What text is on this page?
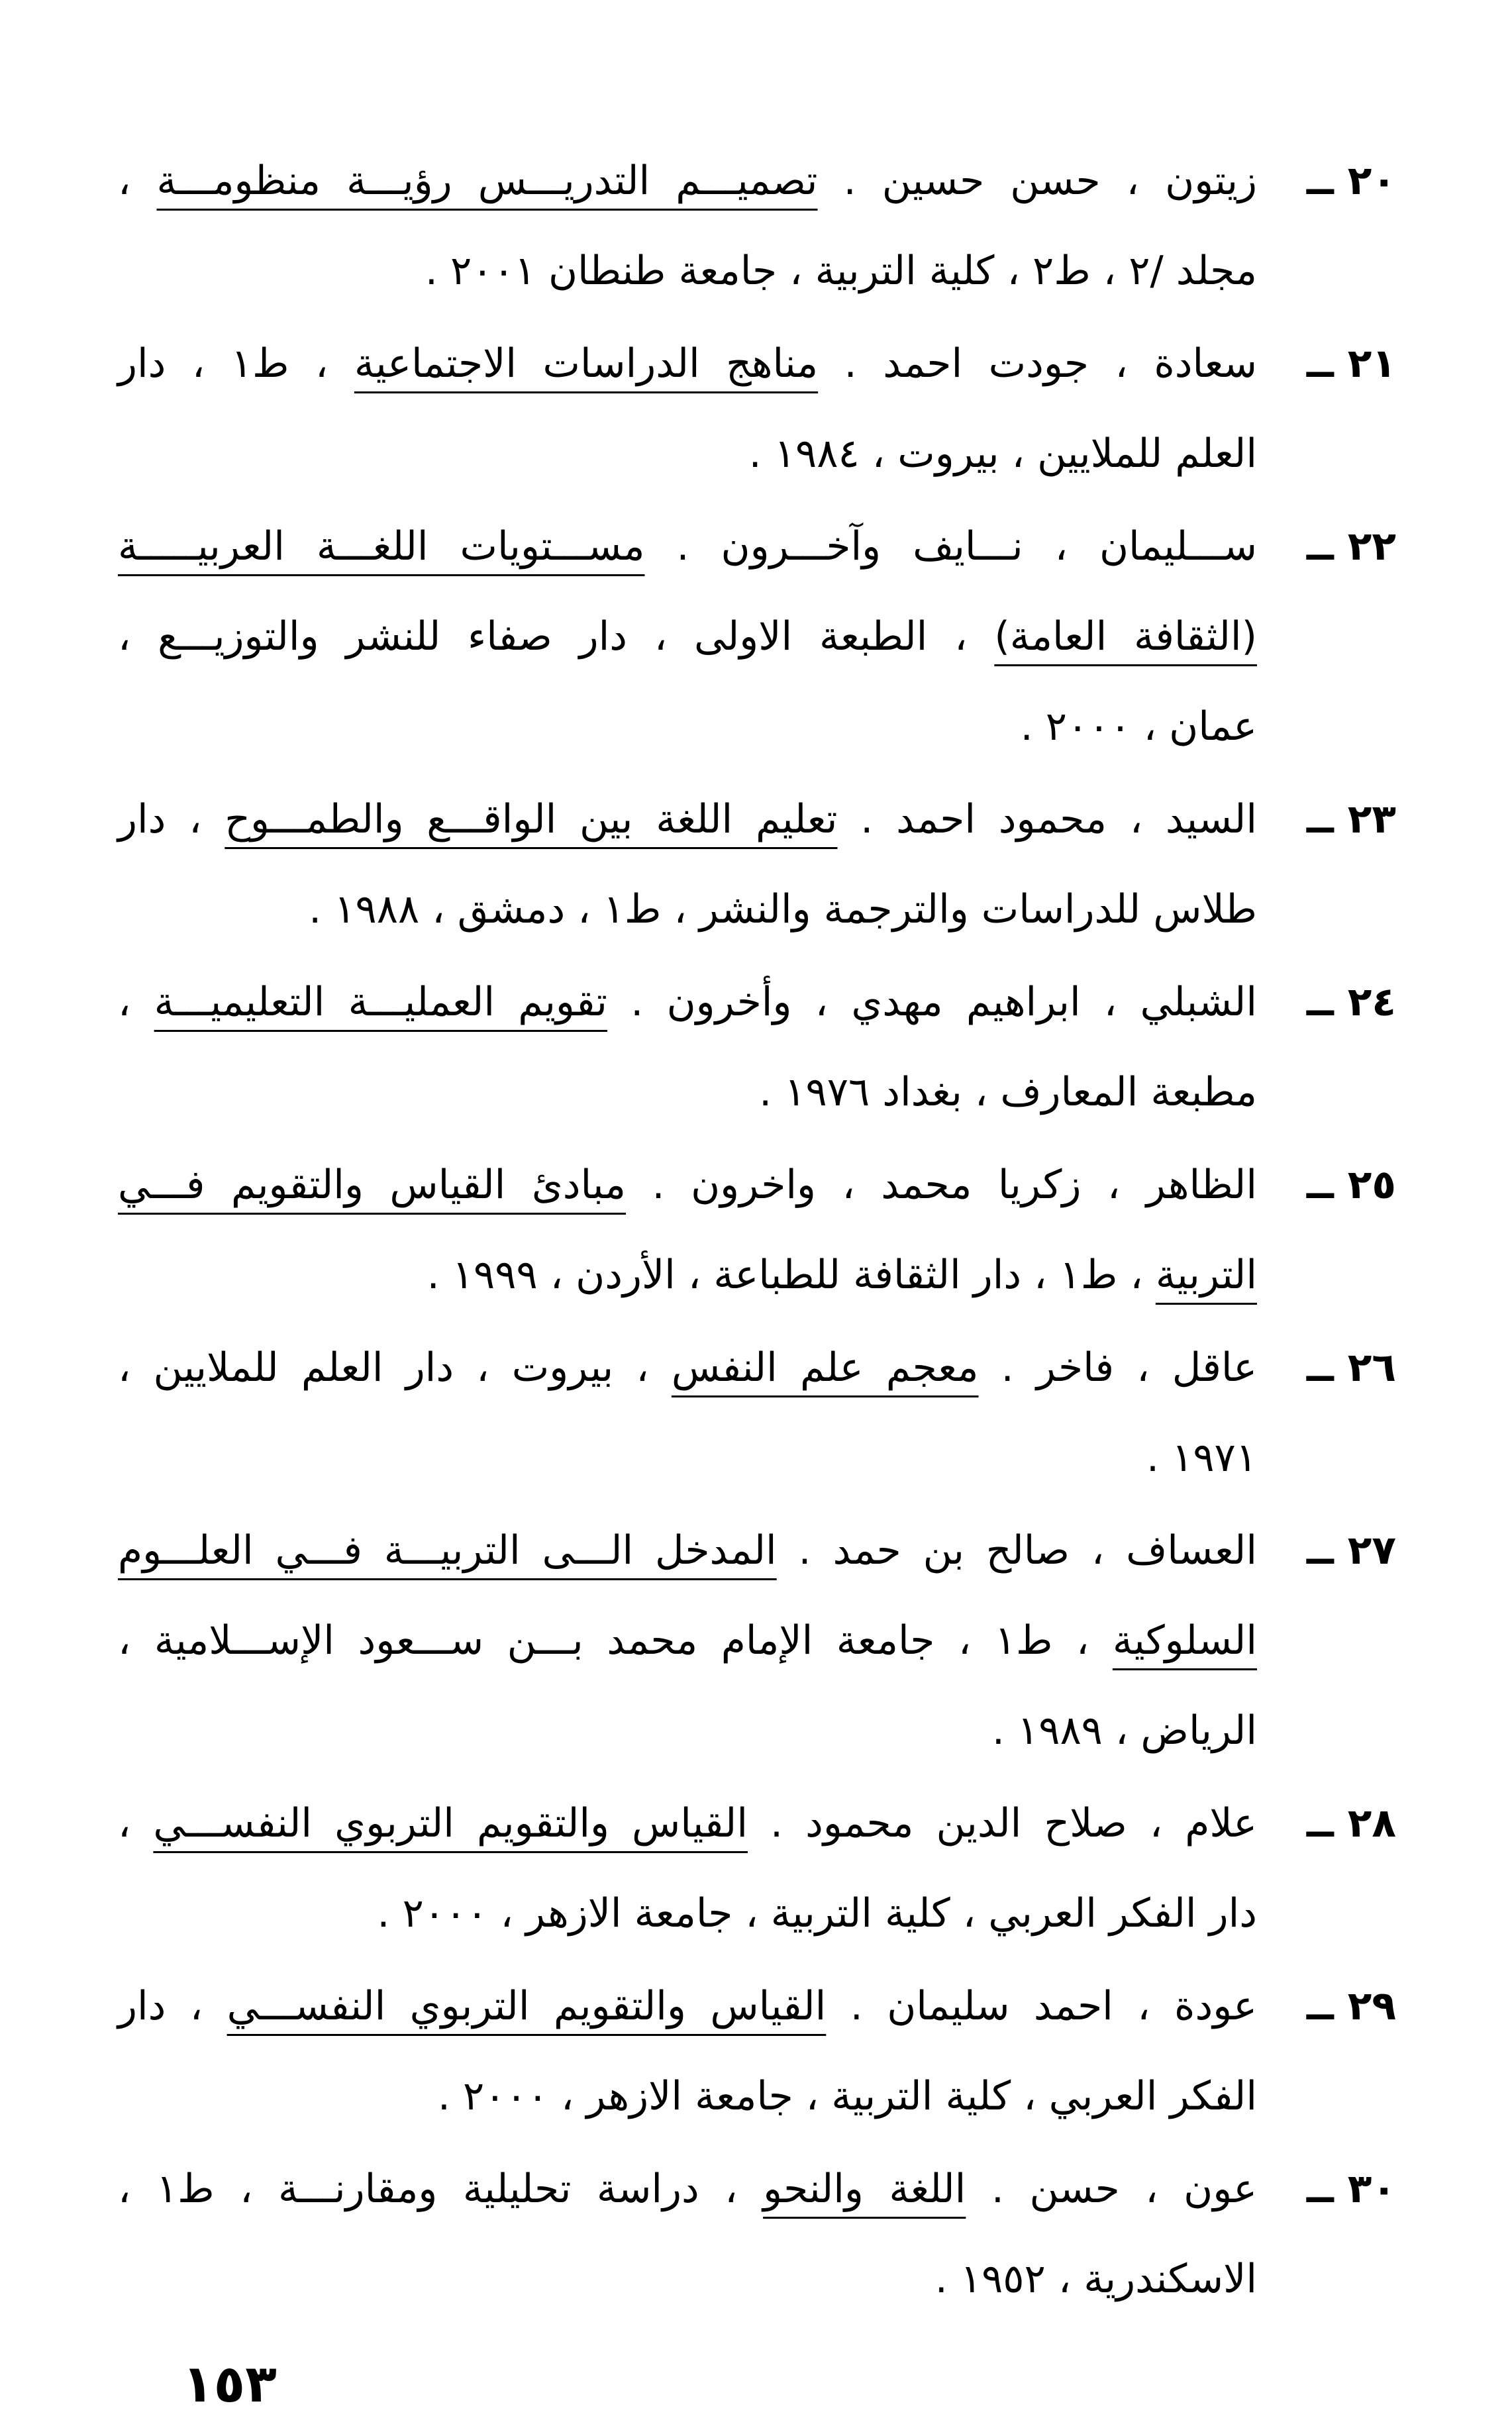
٢٠ ــ
زيتون ، حسن حسين . تصميـــم التدريـــس رؤيـــة منظومـــة ،
مجلد /٢ ، ط٢ ، كلية التربية ، جامعة طنطان ٢٠٠١ .
٢١ ــ
سعادة ، جودت احمد . مناهج الدراسات الاجتماعية ، ط١ ، دار
العلم للملايين ، بيروت ، ١٩٨٤ .
٢٢ ــ
ســـليمان ، نـــايف وآخـــرون . مســـتويات اللغـــة العربيـــــة
(الثقافة العامة) ، الطبعة الاولى ، دار صفاء للنشر والتوزيـــع ،
عمان ، ٢٠٠٠ .
٢٣ ــ
السيد ، محمود احمد . تعليم اللغة بين الواقـــع والطمـــوح ، دار
طلاس للدراسات والترجمة والنشر ، ط١ ، دمشق ، ١٩٨٨ .
٢٤ ــ
الشبلي ، ابراهيم مهدي ، وأخرون . تقويم العمليـــة التعليميـــة ،
مطبعة المعارف ، بغداد ١٩٧٦ .
٢٥ ــ
الظاهر ، زكريا محمد ، واخرون . مبادئ القياس والتقويم فـــي
التربية ، ط١ ، دار الثقافة للطباعة ، الأردن ، ١٩٩٩ .
٢٦ ــ
عاقل ، فاخر . معجم علم النفس ، بيروت ، دار العلم للملايين ،
١٩٧١ .
٢٧ ــ
العساف ، صالح بن حمد . المدخل الـــى التربيـــة فـــي العلـــوم
السلوكية ، ط١ ، جامعة الإمام محمد بـــن ســـعود الإســـلامية ،
الرياض ، ١٩٨٩ .
٢٨ ــ
علام ، صلاح الدين محمود . القياس والتقويم التربوي النفســـي ،
دار الفكر العربي ، كلية التربية ، جامعة الازهر ، ٢٠٠٠ .
٢٩ ــ
عودة ، احمد سليمان . القياس والتقويم التربوي النفســـي ، دار
الفكر العربي ، كلية التربية ، جامعة الازهر ، ٢٠٠٠ .
٣٠ ــ
عون ، حسن . اللغة والنحو ، دراسة تحليلية ومقارنـــة ، ط١ ،
الاسكندرية ، ١٩٥٢ .
١٥٣
